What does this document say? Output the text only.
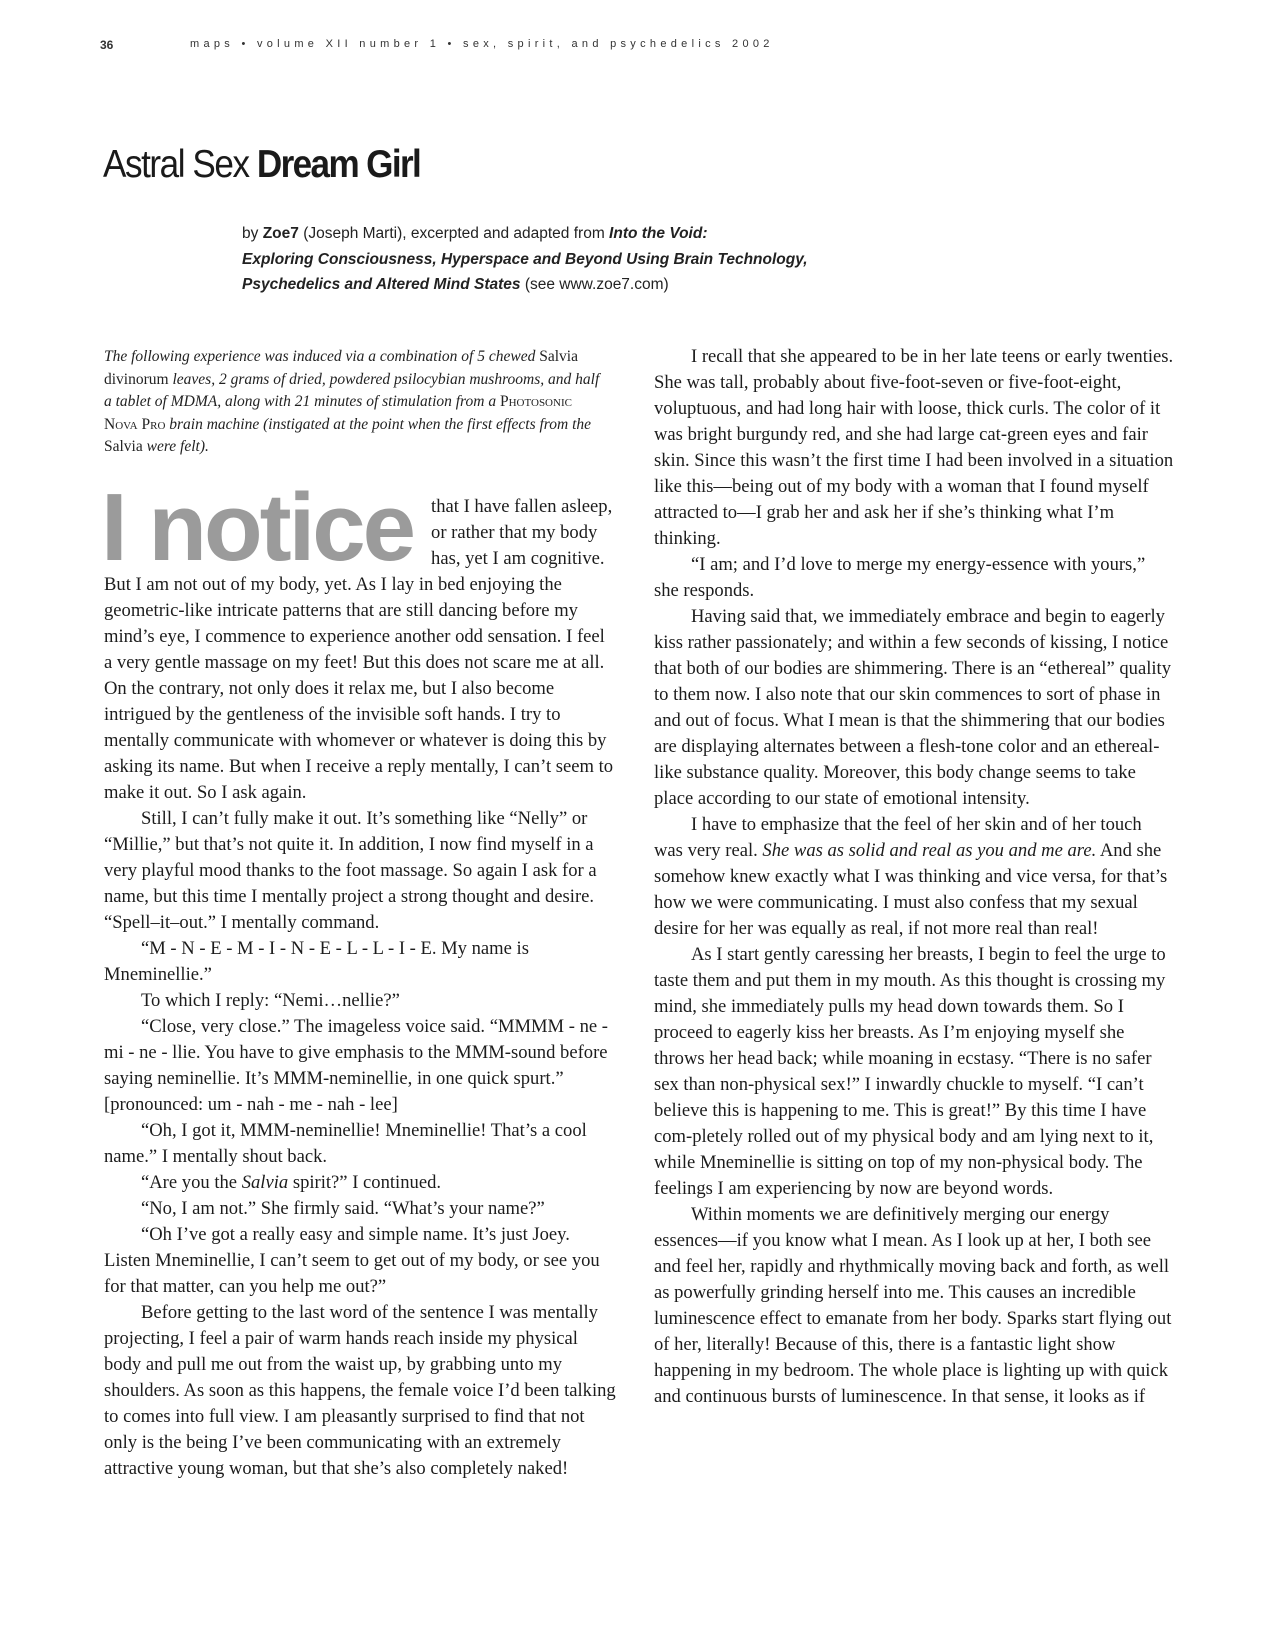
36	maps • volume XII number 1 • sex, spirit, and psychedelics 2002
Astral Sex Dream Girl

by Zoe7 (Joseph Marti), excerpted and adapted from Into the Void:
Exploring Consciousness, Hyperspace and Beyond Using Brain Technology,
Psychedelics and Altered Mind States (see www.zoe7.com)

The following experience was induced via a combination of 5 chewed Salvia divinorum leaves, 2 grams of dried, powdered psilocybian mushrooms, and half a tablet of MDMA, along with 21 minutes of stimulation from a Photosonic Nova Pro brain machine (instigated at the point when the first effects from the Salvia were felt).

I notice that I have fallen asleep, or rather that my body has, yet I am cognitive. But I am not out of my body, yet. As I lay in bed enjoying the geometric-like intricate patterns that are still dancing before my mind’s eye, I commence to experience another odd sensation. I feel a very gentle massage on my feet! But this does not scare me at all. On the contrary, not only does it relax me, but I also become intrigued by the gentleness of the invisible soft hands. I try to mentally communicate with whomever or whatever is doing this by asking its name. But when I receive a reply mentally, I can’t seem to make it out. So I ask again.

Still, I can’t fully make it out. It’s something like “Nelly” or “Millie,” but that’s not quite it. In addition, I now find myself in a very playful mood thanks to the foot massage. So again I ask for a name, but this time I mentally project a strong thought and desire. “Spell–it–out.” I mentally command.

“M - N - E - M - I - N - E - L - L - I - E. My name is Mneminellie.”

To which I reply: “Nemi…nellie?”

“Close, very close.” The imageless voice said. “MMMM - ne - mi - ne - llie. You have to give emphasis to the MMM-sound before saying neminellie. It’s MMM-neminellie, in one quick spurt.” [pronounced: um - nah - me - nah - lee]

“Oh, I got it, MMM-neminellie! Mneminellie! That’s a cool name.” I mentally shout back.

“Are you the Salvia spirit?” I continued.

“No, I am not.” She firmly said. “What’s your name?”

“Oh I’ve got a really easy and simple name. It’s just Joey. Listen Mneminellie, I can’t seem to get out of my body, or see you for that matter, can you help me out?”

Before getting to the last word of the sentence I was mentally projecting, I feel a pair of warm hands reach inside my physical body and pull me out from the waist up, by grabbing unto my shoulders. As soon as this happens, the female voice I’d been talking to comes into full view. I am pleasantly surprised to find that not only is the being I’ve been communicating with an extremely attractive young woman, but that she’s also completely naked!

I recall that she appeared to be in her late teens or early twenties. She was tall, probably about five-foot-seven or five-foot-eight, voluptuous, and had long hair with loose, thick curls. The color of it was bright burgundy red, and she had large cat-green eyes and fair skin. Since this wasn’t the first time I had been involved in a situation like this—being out of my body with a woman that I found myself attracted to—I grab her and ask her if she’s thinking what I’m thinking.

“I am; and I’d love to merge my energy-essence with yours,” she responds.

Having said that, we immediately embrace and begin to eagerly kiss rather passionately; and within a few seconds of kissing, I notice that both of our bodies are shimmering. There is an “ethereal” quality to them now. I also note that our skin commences to sort of phase in and out of focus. What I mean is that the shimmering that our bodies are displaying alternates between a flesh-tone color and an ethereal-like substance quality. Moreover, this body change seems to take place according to our state of emotional intensity.

I have to emphasize that the feel of her skin and of her touch was very real. She was as solid and real as you and me are. And she somehow knew exactly what I was thinking and vice versa, for that’s how we were communicating. I must also confess that my sexual desire for her was equally as real, if not more real than real!

As I start gently caressing her breasts, I begin to feel the urge to taste them and put them in my mouth. As this thought is crossing my mind, she immediately pulls my head down towards them. So I proceed to eagerly kiss her breasts. As I’m enjoying myself she throws her head back; while moaning in ecstasy. “There is no safer sex than non-physical sex!” I inwardly chuckle to myself. “I can’t believe this is happening to me. This is great!” By this time I have com-pletely rolled out of my physical body and am lying next to it, while Mneminellie is sitting on top of my non-physical body. The feelings I am experiencing by now are beyond words.

Within moments we are definitively merging our energy essences—if you know what I mean. As I look up at her, I both see and feel her, rapidly and rhythmically moving back and forth, as well as powerfully grinding herself into me. This causes an incredible luminescence effect to emanate from her body. Sparks start flying out of her, literally! Because of this, there is a fantastic light show happening in my bedroom. The whole place is lighting up with quick and continuous bursts of luminescence. In that sense, it looks as if
